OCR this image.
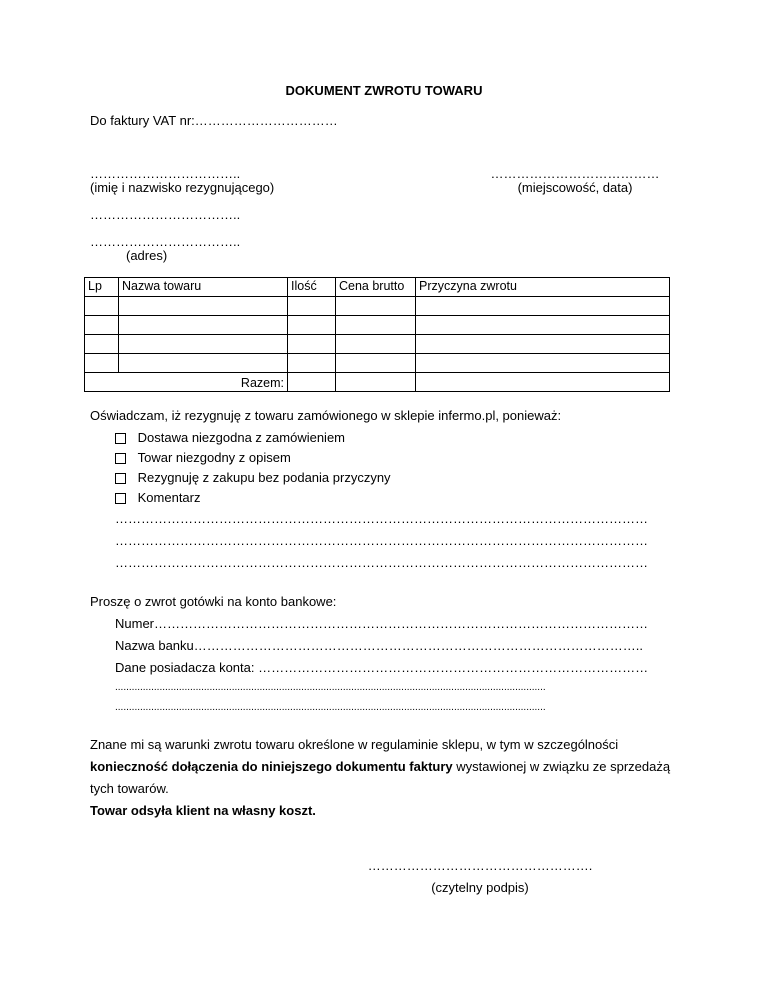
DOKUMENT ZWROTU TOWARU
Do faktury VAT nr:……………………………
……………………………..
(imię i nazwisko rezygnującego)
…………………………………
(miejscowość, data)
……………………………..
……………………………..
(adres)
Lp	Nazwa towaru	Ilość	Cena brutto	Przyczyna zwrotu

Razem:				
Oświadczam, iż rezygnuję z towaru zamówionego w sklepie infermo.pl, ponieważ:
Dostawa niezgodna z zamówieniem
Towar niezgodny z opisem
Rezygnuję z zakupu bez podania przyczyny
Komentarz
……………………………………………………………………………………………………………
……………………………………………………………………………………………………………
……………………………………………………………………………………………………………
Proszę o zwrot gotówki na konto bankowe:
Numer……………………………………………………………………………………………………
Nazwa banku…………………………………………………………………………………………..
Dane posiadacza konta: ………………………………………………………………………………
...........................................................................................................................................................
...........................................................................................................................................................
Znane mi są warunki zwrotu towaru określone w regulaminie sklepu, w tym w szczególności
konieczność dołączenia do niniejszego dokumentu faktury wystawionej w związku ze sprzedażą
tych towarów.
Towar odsyła klient na własny koszt.
…………………………………………….
(czytelny podpis)
